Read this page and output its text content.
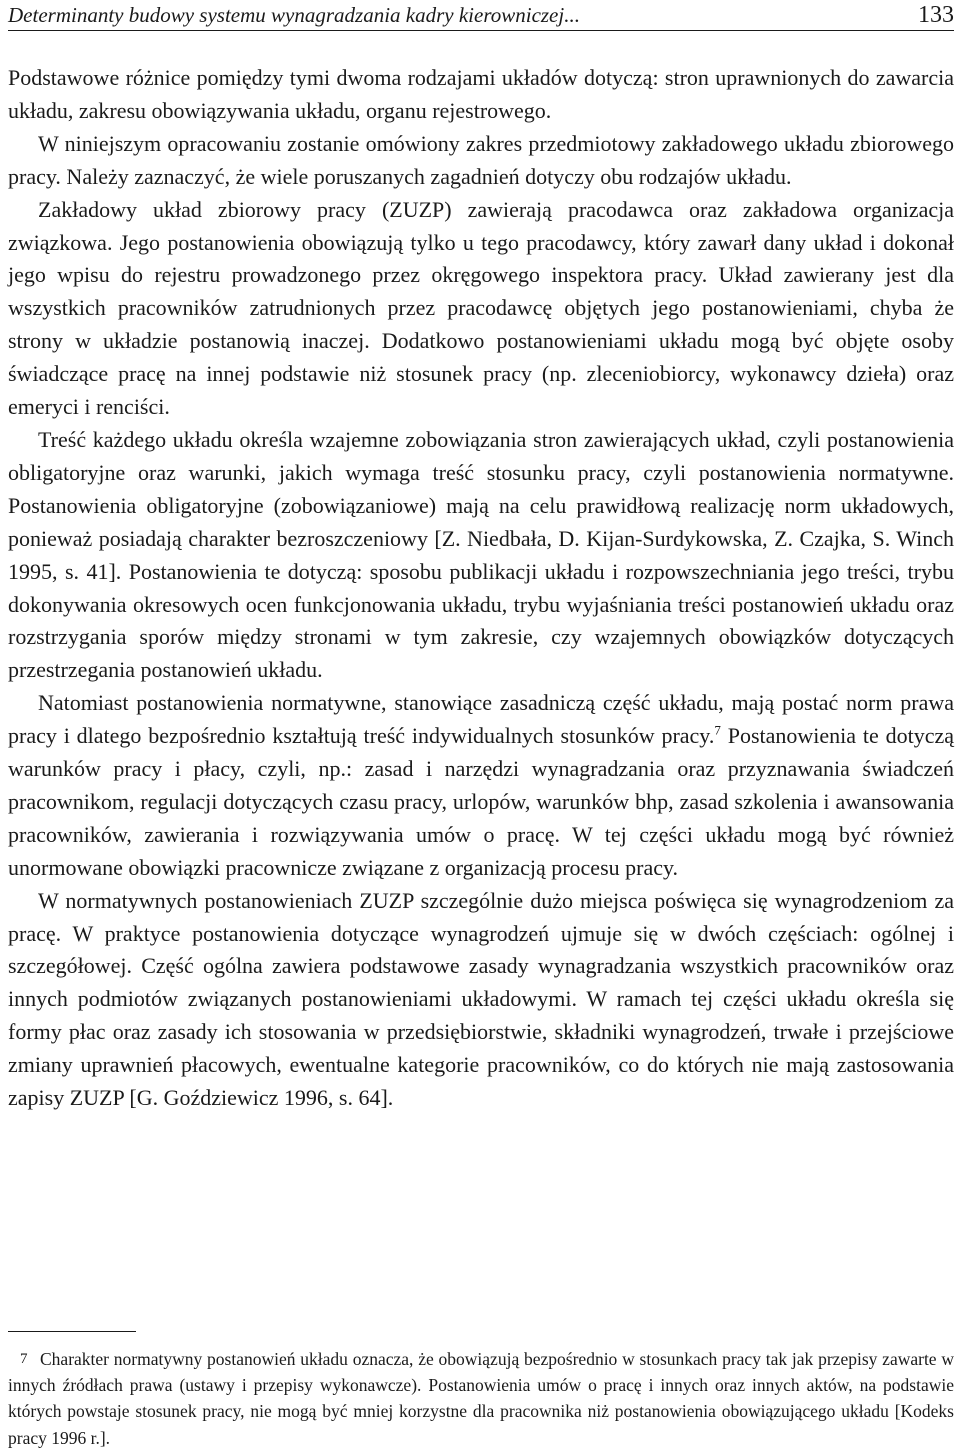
Determinanty budowy systemu wynagradzania kadry kierowniczej...	133

Podstawowe różnice pomiędzy tymi dwoma rodzajami układów dotyczą: stron uprawnionych do zawarcia układu, zakresu obowiązywania układu, organu rejestrowego.

W niniejszym opracowaniu zostanie omówiony zakres przedmiotowy zakładowego układu zbiorowego pracy. Należy zaznaczyć, że wiele poruszanych zagadnień dotyczy obu rodzajów układu.

Zakładowy układ zbiorowy pracy (ZUZP) zawierają pracodawca oraz zakładowa organizacja związkowa. Jego postanowienia obowiązują tylko u tego pracodawcy, który zawarł dany układ i dokonał jego wpisu do rejestru prowadzonego przez okręgowego inspektora pracy. Układ zawierany jest dla wszystkich pracowników zatrudnionych przez pracodawcę objętych jego postanowieniami, chyba że strony w układzie postanowią inaczej. Dodatkowo postanowieniami układu mogą być objęte osoby świadczące pracę na innej podstawie niż stosunek pracy (np. zleceniobiorcy, wykonawcy dzieła) oraz emeryci i renciści.

Treść każdego układu określa wzajemne zobowiązania stron zawierających układ, czyli postanowienia obligatoryjne oraz warunki, jakich wymaga treść stosunku pracy, czyli postanowienia normatywne. Postanowienia obligatoryjne (zobowiązaniowe) mają na celu prawidłową realizację norm układowych, ponieważ posiadają charakter bezroszczeniowy [Z. Niedbała, D. Kijan-Surdykowska, Z. Czajka, S. Winch 1995, s. 41]. Postanowienia te dotyczą: sposobu publikacji układu i rozpowszechniania jego treści, trybu dokonywania okresowych ocen funkcjonowania układu, trybu wyjaśniania treści postanowień układu oraz rozstrzygania sporów między stronami w tym zakresie, czy wzajemnych obowiązków dotyczących przestrzegania postanowień układu.

Natomiast postanowienia normatywne, stanowiące zasadniczą część układu, mają postać norm prawa pracy i dlatego bezpośrednio kształtują treść indywidualnych stosunków pracy.$^7$ Postanowienia te dotyczą warunków pracy i płacy, czyli, np.: zasad i narzędzi wynagradzania oraz przyznawania świadczeń pracownikom, regulacji dotyczących czasu pracy, urlopów, warunków bhp, zasad szkolenia i awansowania pracowników, zawierania i rozwiązywania umów o pracę. W tej części układu mogą być również unormowane obowiązki pracownicze związane z organizacją procesu pracy.

W normatywnych postanowieniach ZUZP szczególnie dużo miejsca poświęca się wynagrodzeniom za pracę. W praktyce postanowienia dotyczące wynagrodzeń ujmuje się w dwóch częściach: ogólnej i szczegółowej. Część ogólna zawiera podstawowe zasady wynagradzania wszystkich pracowników oraz innych podmiotów związanych postanowieniami układowymi. W ramach tej części układu określa się formy płac oraz zasady ich stosowania w przedsiębiorstwie, składniki wynagrodzeń, trwałe i przejściowe zmiany uprawnień płacowych, ewentualne kategorie pracowników, co do których nie mają zastosowania zapisy ZUZP [G. Goździewicz 1996, s. 64].

7 Charakter normatywny postanowień układu oznacza, że obowiązują bezpośrednio w stosunkach pracy tak jak przepisy zawarte w innych źródłach prawa (ustawy i przepisy wykonawcze). Postanowienia umów o pracę i innych oraz innych aktów, na podstawie których powstaje stosunek pracy, nie mogą być mniej korzystne dla pracownika niż postanowienia obowiązującego układu [Kodeks pracy 1996 r.].
